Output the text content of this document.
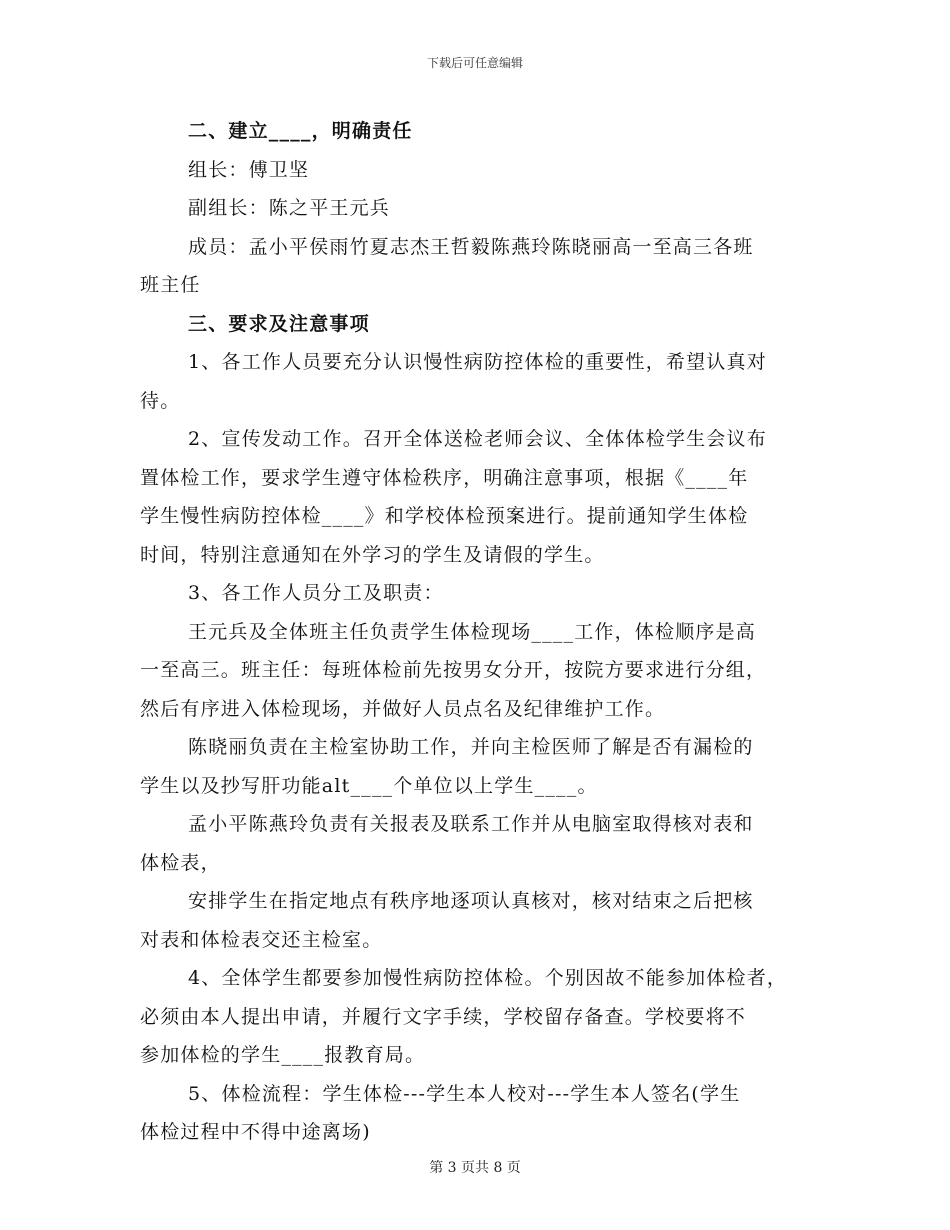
下载后可任意编辑
二、建立____，明确责任
组长：傅卫坚
副组长：陈之平王元兵
成员：孟小平侯雨竹夏志杰王哲毅陈燕玲陈晓丽高一至高三各班
班主任
三、要求及注意事项
1、各工作人员要充分认识慢性病防控体检的重要性，希望认真对
待。
2、宣传发动工作。召开全体送检老师会议、全体体检学生会议布
置体检工作，要求学生遵守体检秩序，明确注意事项，根据《____年
学生慢性病防控体检____》和学校体检预案进行。提前通知学生体检
时间，特别注意通知在外学习的学生及请假的学生。
3、各工作人员分工及职责：
王元兵及全体班主任负责学生体检现场____工作，体检顺序是高
一至高三。班主任：每班体检前先按男女分开，按院方要求进行分组，
然后有序进入体检现场，并做好人员点名及纪律维护工作。
陈晓丽负责在主检室协助工作，并向主检医师了解是否有漏检的
学生以及抄写肝功能alt____个单位以上学生____。
孟小平陈燕玲负责有关报表及联系工作并从电脑室取得核对表和
体检表，
安排学生在指定地点有秩序地逐项认真核对，核对结束之后把核
对表和体检表交还主检室。
4、全体学生都要参加慢性病防控体检。个别因故不能参加体检者，
必须由本人提出申请，并履行文字手续，学校留存备查。学校要将不
参加体检的学生____报教育局。
5、体检流程：学生体检---学生本人校对---学生本人签名(学生
体检过程中不得中途离场)
第 3 页共 8 页
